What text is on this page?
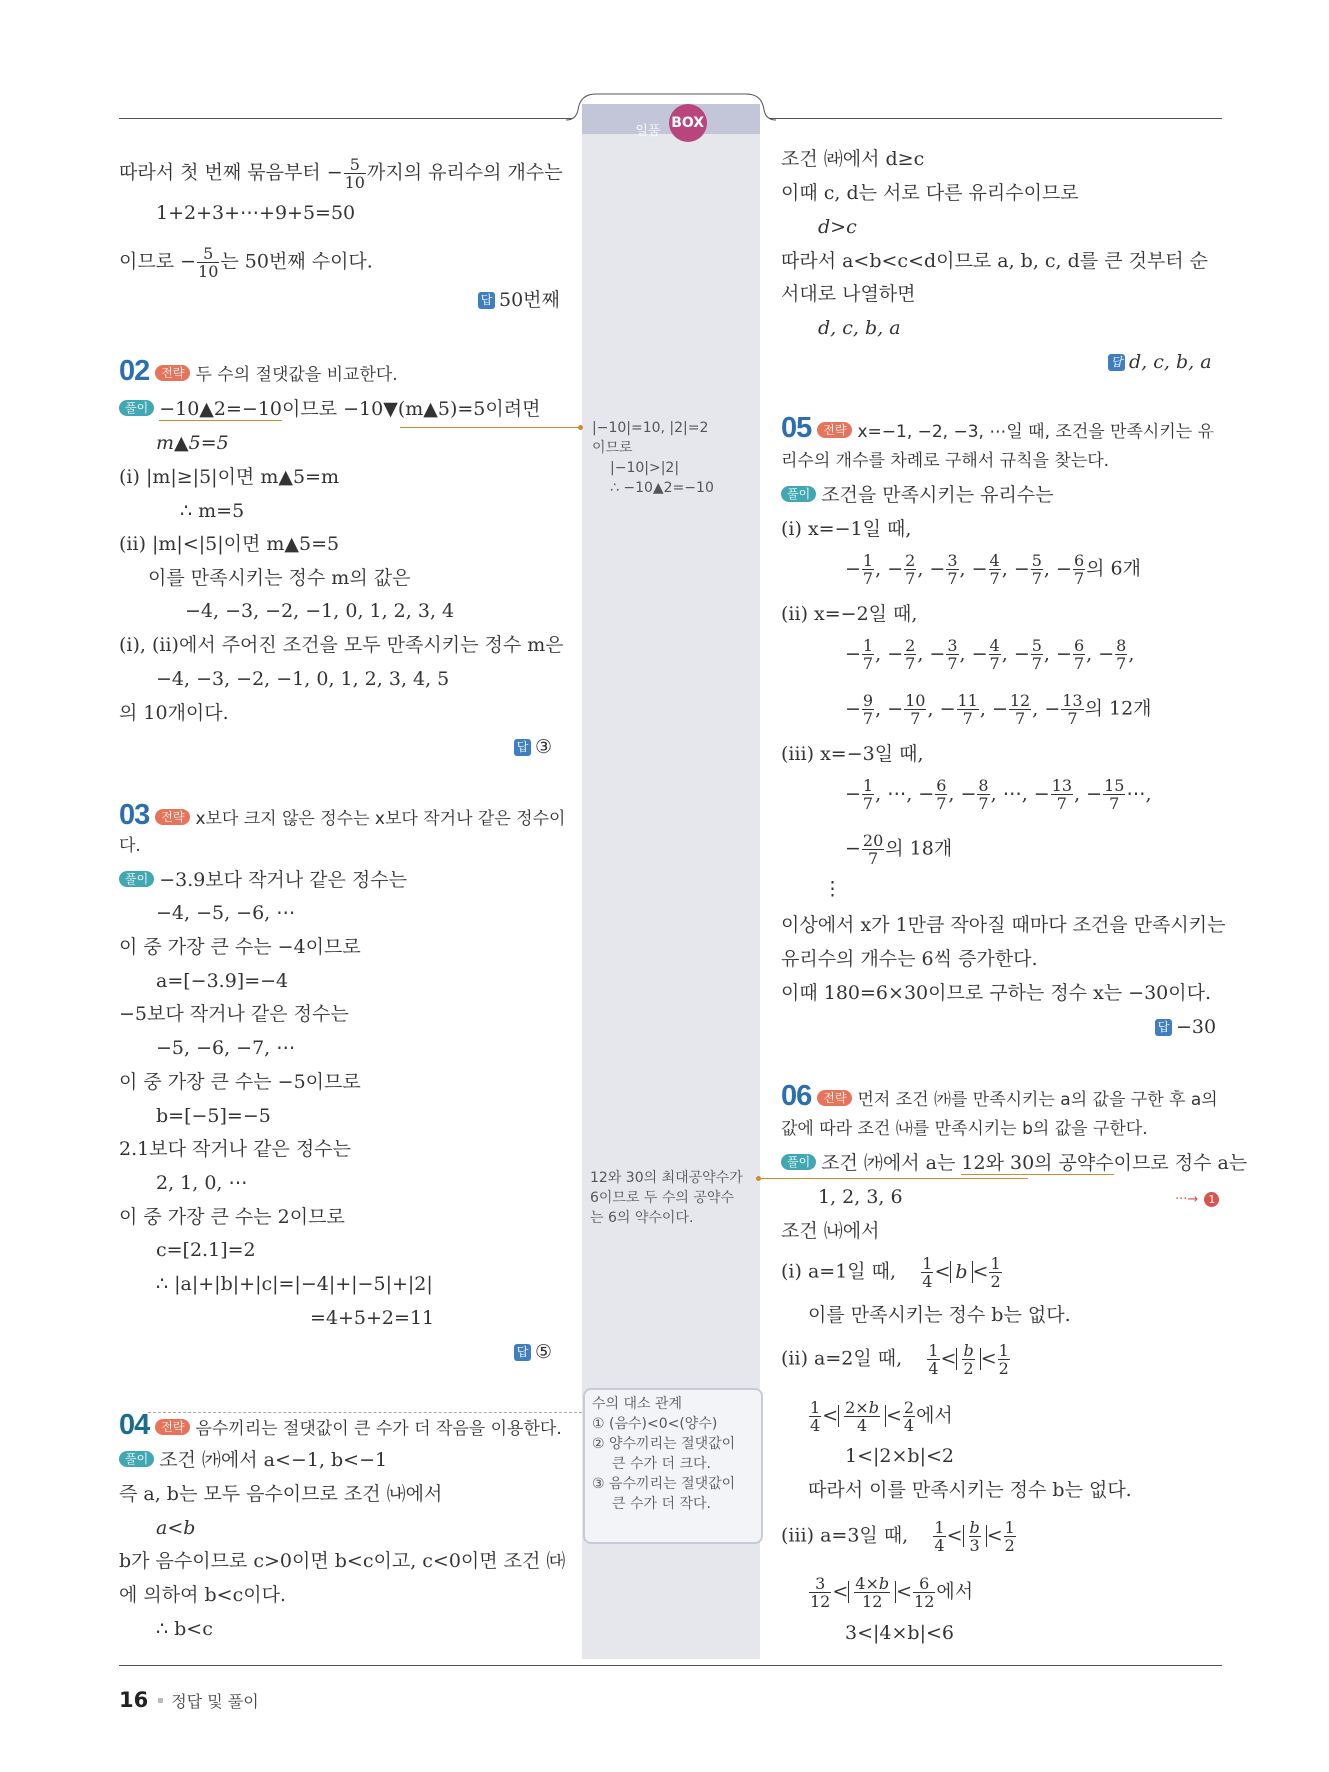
일품 BOX
따라서 첫 번째 묶음부터 − $\frac{5}{10}$ 까지의 유리수의 개수는
1+2+3+⋯+9+5=50
이므로 − $\frac{5}{10}$ 는 50번째 수이다.
답 50번째
02 전략 두 수의 절댓값을 비교한다.
풀이 −10▲2=−10이므로 −10▼(m▲5)=5이려면
m▲5=5
(ⅰ) |m|≥|5|이면 m▲5=m
∴ m=5
(ⅱ) |m|<|5|이면 m▲5=5
이를 만족시키는 정수 m의 값은
−4, −3, −2, −1, 0, 1, 2, 3, 4
(ⅰ), (ⅱ)에서 주어진 조건을 모두 만족시키는 정수 m은
−4, −3, −2, −1, 0, 1, 2, 3, 4, 5
의 10개이다.
답 ③
03 전략 x보다 크지 않은 정수는 x보다 작거나 같은 정수이
다.
풀이 −3.9보다 작거나 같은 정수는
−4, −5, −6, ⋯
이 중 가장 큰 수는 −4이므로
a=[−3.9]=−4
−5보다 작거나 같은 정수는
−5, −6, −7, ⋯
이 중 가장 큰 수는 −5이므로
b=[−5]=−5
2.1보다 작거나 같은 정수는
2, 1, 0, ⋯
이 중 가장 큰 수는 2이므로
c=[2.1]=2
∴ |a|+|b|+|c|=|−4|+|−5|+|2|
=4+5+2=11
답 ⑤
04 전략 음수끼리는 절댓값이 큰 수가 더 작음을 이용한다.
풀이 조건 ㈎에서 a<−1, b<−1
즉 a, b는 모두 음수이므로 조건 ㈏에서
a<b
b가 음수이므로 c>0이면 b<c이고, c<0이면 조건 ㈐
에 의하여 b<c이다.
∴ b<c
|−10|=10, |2|=2
이므로
|−10|>|2|
∴ −10▲2=−10
12와 30의 최대공약수가
6이므로 두 수의 공약수
는 6의 약수이다.
수의 대소 관계
① (음수)<0<(양수)
② 양수끼리는 절댓값이
큰 수가 더 크다.
③ 음수끼리는 절댓값이
큰 수가 더 작다.
조건 ㈑에서 d≥c
이때 c, d는 서로 다른 유리수이므로
d>c
따라서 a<b<c<d이므로 a, b, c, d를 큰 것부터 순
서대로 나열하면
d, c, b, a
답 d, c, b, a
05 전략 x=−1, −2, −3, ⋯일 때, 조건을 만족시키는 유
리수의 개수를 차례로 구해서 규칙을 찾는다.
풀이 조건을 만족시키는 유리수는
(ⅰ) x=−1일 때,
− $\frac{1}{7}$ , − $\frac{2}{7}$ , − $\frac{3}{7}$ , − $\frac{4}{7}$ , − $\frac{5}{7}$ , − $\frac{6}{7}$ 의 6개
(ⅱ) x=−2일 때,
− $\frac{1}{7}$ , − $\frac{2}{7}$ , − $\frac{3}{7}$ , − $\frac{4}{7}$ , − $\frac{5}{7}$ , − $\frac{6}{7}$ , − $\frac{8}{7}$ ,
− $\frac{9}{7}$ , − $\frac{10}{7}$ , − $\frac{11}{7}$ , − $\frac{12}{7}$ , − $\frac{13}{7}$ 의 12개
(ⅲ) x=−3일 때,
− $\frac{1}{7}$ , ⋯, − $\frac{6}{7}$ , − $\frac{8}{7}$ , ⋯, − $\frac{13}{7}$ , − $\frac{15}{7}$ ⋯,
− $\frac{20}{7}$ 의 18개
⋮
이상에서 x가 1만큼 작아질 때마다 조건을 만족시키는
유리수의 개수는 6씩 증가한다.
이때 180=6×30이므로 구하는 정수 x는 −30이다.
답 −30
06 전략 먼저 조건 ㈎를 만족시키는 a의 값을 구한 후 a의
값에 따라 조건 ㈏를 만족시키는 b의 값을 구한다.
풀이 조건 ㈎에서 a는 12와 30의 공약수이므로 정수 a는
1, 2, 3, 6	···→ 1
조건 ㈏에서
(ⅰ) a=1일 때, $\frac{1}{4} < b < \frac{1}{2}$
이를 만족시키는 정수 b는 없다.
(ⅱ) a=2일 때, $\frac{1}{4} < \frac{b}{2} < \frac{1}{2}$
$\frac{1}{4} < \frac{2\times b}{4} < \frac{2}{4}$ 에서
1<|2×b|<2
따라서 이를 만족시키는 정수 b는 없다.
(ⅲ) a=3일 때, $\frac{1}{4} < \frac{b}{3} < \frac{1}{2}$
$\frac{3}{12} < \frac{4\times b}{12} < \frac{6}{12}$ 에서
3<|4×b|<6
16 정답 및 풀이
